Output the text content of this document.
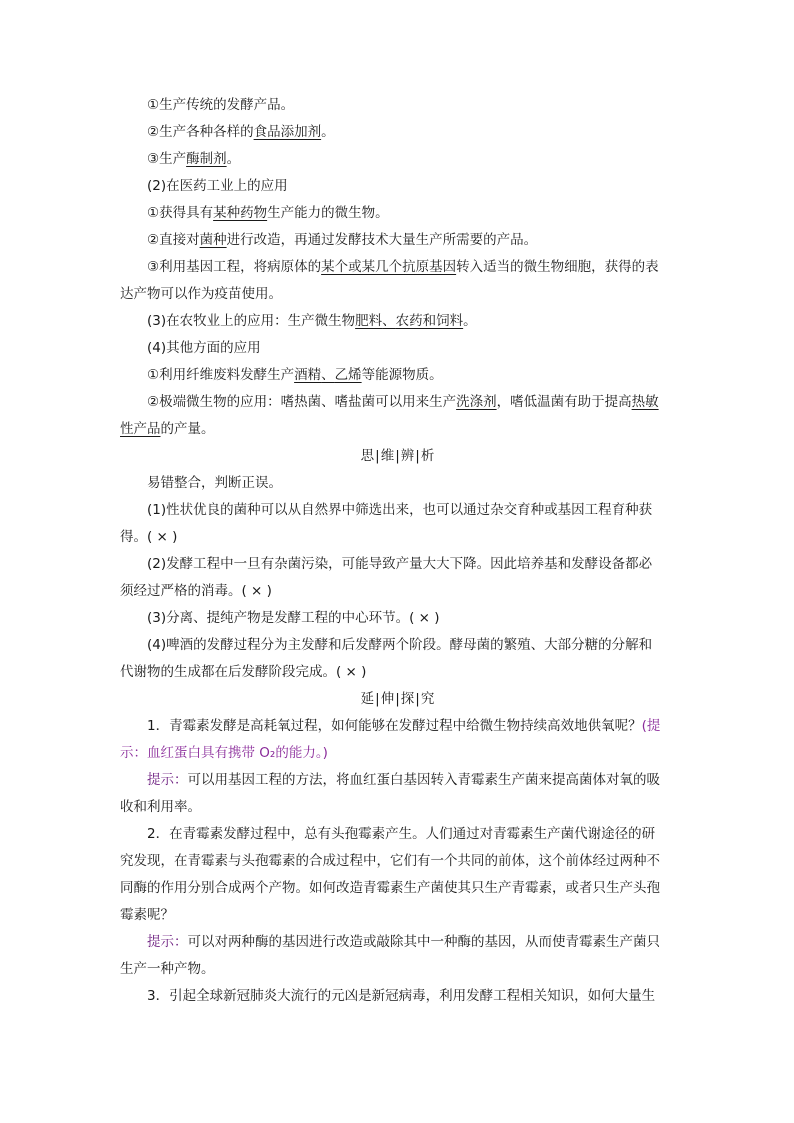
①生产传统的发酵产品。
②生产各种各样的食品添加剂。
③生产酶制剂。
(2)在医药工业上的应用
①获得具有某种药物生产能力的微生物。
②直接对菌种进行改造，再通过发酵技术大量生产所需要的产品。
③利用基因工程，将病原体的某个或某几个抗原基因转入适当的微生物细胞，获得的表
达产物可以作为疫苗使用。
(3)在农牧业上的应用：生产微生物肥料、农药和饲料。
(4)其他方面的应用
①利用纤维废料发酵生产酒精、乙烯等能源物质。
②极端微生物的应用：嗜热菌、嗜盐菌可以用来生产洗涤剂，嗜低温菌有助于提高热敏
性产品的产量。
思|维|辨|析
易错整合，判断正误。
(1)性状优良的菌种可以从自然界中筛选出来，也可以通过杂交育种或基因工程育种获
得。( × )
(2)发酵工程中一旦有杂菌污染，可能导致产量大大下降。因此培养基和发酵设备都必
须经过严格的消毒。( × )
(3)分离、提纯产物是发酵工程的中心环节。( × )
(4)啤酒的发酵过程分为主发酵和后发酵两个阶段。酵母菌的繁殖、大部分糖的分解和
代谢物的生成都在后发酵阶段完成。( × )
延|伸|探|究
1．青霉素发酵是高耗氧过程，如何能够在发酵过程中给微生物持续高效地供氧呢？(提
示：血红蛋白具有携带 O₂的能力。)
提示：可以用基因工程的方法，将血红蛋白基因转入青霉素生产菌来提高菌体对氧的吸
收和利用率。
2．在青霉素发酵过程中，总有头孢霉素产生。人们通过对青霉素生产菌代谢途径的研
究发现，在青霉素与头孢霉素的合成过程中，它们有一个共同的前体，这个前体经过两种不
同酶的作用分别合成两个产物。如何改造青霉素生产菌使其只生产青霉素，或者只生产头孢
霉素呢？
提示：可以对两种酶的基因进行改造或敲除其中一种酶的基因，从而使青霉素生产菌只
生产一种产物。
3．引起全球新冠肺炎大流行的元凶是新冠病毒，利用发酵工程相关知识，如何大量生
